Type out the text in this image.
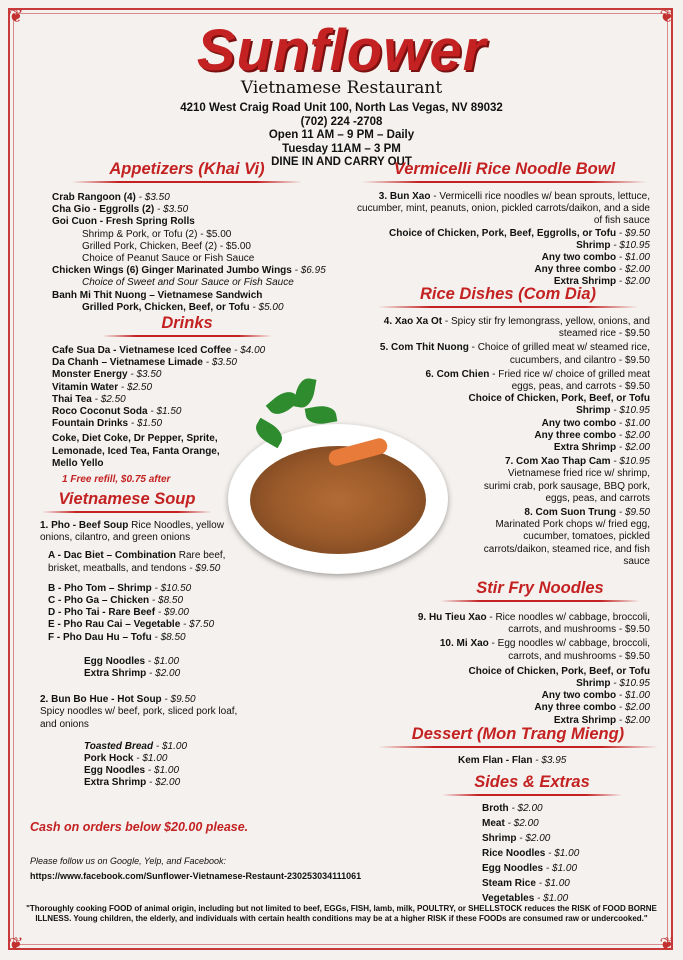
❦	❦
❦	❦
Sunflower
Vietnamese Restaurant
4210 West Craig Road Unit 100, North Las Vegas, NV 89032
(702) 224 -2708
Open 11 AM – 9 PM – Daily
Tuesday 11AM – 3 PM
DINE IN AND CARRY OUT
Appetizers (Khai Vi)
Crab Rangoon (4) - $3.50
Cha Gio - Eggrolls (2) - $3.50
Goi Cuon - Fresh Spring Rolls
Shrimp & Pork, or Tofu (2) - $5.00
Grilled Pork, Chicken, Beef (2) - $5.00
Choice of Peanut Sauce or Fish Sauce
Chicken Wings (6) Ginger Marinated Jumbo Wings - $6.95
Choice of Sweet and Sour Sauce or Fish Sauce
Banh Mi Thit Nuong – Vietnamese Sandwich
Grilled Pork, Chicken, Beef, or Tofu - $5.00
Drinks
Cafe Sua Da - Vietnamese Iced Coffee - $4.00
Da Chanh – Vietnamese Limade - $3.50
Monster Energy - $3.50
Vitamin Water - $2.50
Thai Tea - $2.50
Roco Coconut Soda - $1.50
Fountain Drinks - $1.50
Coke, Diet Coke, Dr Pepper, Sprite, Lemonade, Iced Tea, Fanta Orange, Mello Yello
1 Free refill, $0.75 after
Vietnamese Soup
1. Pho - Beef Soup Rice Noodles, yellow onions, cilantro, and green onions
A - Dac Biet – Combination Rare beef, brisket, meatballs, and tendons - $9.50
B - Pho Tom – Shrimp - $10.50
C - Pho Ga – Chicken - $8.50
D - Pho Tai - Rare Beef - $9.00
E - Pho Rau Cai – Vegetable - $7.50
F - Pho Dau Hu – Tofu - $8.50
Egg Noodles - $1.00
Extra Shrimp - $2.00
2. Bun Bo Hue - Hot Soup - $9.50
Spicy noodles w/ beef, pork, sliced pork loaf, and onions
Toasted Bread - $1.00
Pork Hock - $1.00
Egg Noodles - $1.00
Extra Shrimp - $2.00
Cash on orders below $20.00 please.
Please follow us on Google, Yelp, and Facebook:
https://www.facebook.com/Sunflower-Vietnamese-Restaunt-230253034111061
Vermicelli Rice Noodle Bowl
3. Bun Xao - Vermicelli rice noodles w/ bean sprouts, lettuce, cucumber, mint, peanuts, onion, pickled carrots/daikon, and a side of fish sauce
Choice of Chicken, Pork, Beef, Eggrolls, or Tofu - $9.50
Shrimp - $10.95
Any two combo - $1.00
Any three combo - $2.00
Extra Shrimp - $2.00
Rice Dishes (Com Dia)
4. Xao Xa Ot - Spicy stir fry lemongrass, yellow, onions, and steamed rice - $9.50
5. Com Thit Nuong - Choice of grilled meat w/ steamed rice, cucumbers, and cilantro - $9.50
6. Com Chien - Fried rice w/ choice of grilled meat eggs, peas, and carrots - $9.50
Choice of Chicken, Pork, Beef, or Tofu
Shrimp - $10.95
Any two combo - $1.00
Any three combo - $2.00
Extra Shrimp - $2.00
7. Com Xao Thap Cam - $10.95
Vietnamese fried rice w/ shrimp, surimi crab, pork sausage, BBQ pork, eggs, peas, and carrots
8. Com Suon Trung - $9.50
Marinated Pork chops w/ fried egg, cucumber, tomatoes, pickled carrots/daikon, steamed rice, and fish sauce
Stir Fry Noodles
9. Hu Tieu Xao - Rice noodles w/ cabbage, broccoli, carrots, and mushrooms - $9.50
10. Mi Xao - Egg noodles w/ cabbage, broccoli, carrots, and mushrooms - $9.50
Choice of Chicken, Pork, Beef, or Tofu
Shrimp - $10.95
Any two combo - $1.00
Any three combo - $2.00
Extra Shrimp - $2.00
Dessert (Mon Trang Mieng)
Kem Flan - Flan - $3.95
Sides & Extras
Broth - $2.00
Meat - $2.00
Shrimp - $2.00
Rice Noodles - $1.00
Egg Noodles - $1.00
Steam Rice - $1.00
Vegetables - $1.00
"Thoroughly cooking FOOD of animal origin, including but not limited to beef, EGGs, FISH, lamb, milk, POULTRY, or SHELLSTOCK reduces the RISK of FOOD BORNE ILLNESS. Young children, the elderly, and individuals with certain health conditions may be at a higher RISK if these FOODs are consumed raw or undercooked."
